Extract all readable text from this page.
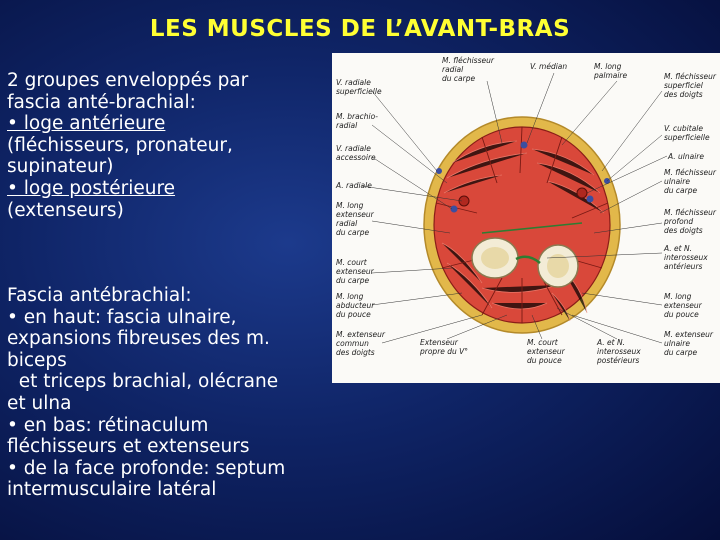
LES MUSCLES DE L’AVANT-BRAS
2 groupes enveloppés par
fascia anté-brachial:
• loge antérieure
(fléchisseurs, pronateur,
supinateur)
• loge postérieure
(extenseurs)
Fascia antébrachial:
• en haut: fascia ulnaire,
expansions fibreuses des m.
biceps
et triceps brachial, olécrane
et ulna
• en bas: rétinaculum
fléchisseurs et extenseurs
• de la face profonde: septum
intermusculaire latéral
V. radiale superficielle
M. brachio-radial
V. radiale accessoire
A. radiale
M. long extenseur radial du carpe
M. court extenseur du carpe
M. long abducteur du pouce
M. extenseur commun des doigts
M. fléchisseur radial du carpe
V. médian	M. long palmaire	M. fléchisseur superficiel des doigts
V. cubitale superficielle
A. ulnaire
M. fléchisseur ulnaire du carpe
M. fléchisseur profond des doigts
A. et N. interosseux antérieurs
M. long extenseur du pouce
M. extenseur ulnaire du carpe
Extenseur propre du V°
M. court extenseur du pouce
A. et N. interosseux postérieurs
